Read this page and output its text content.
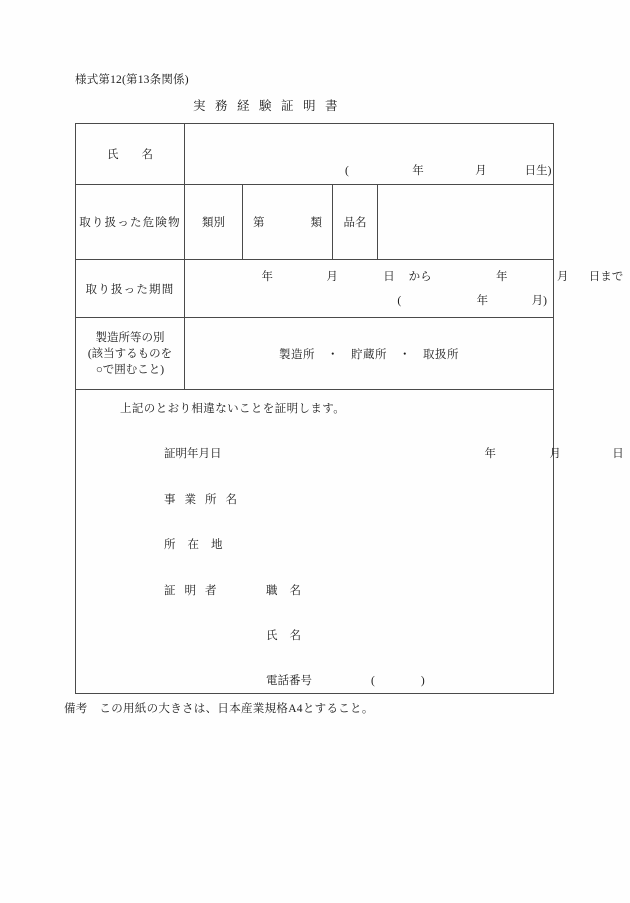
様式第12(第13条関係)
実務経験証明書
氏　　名	( 年 月 日生)			

取り扱った危険物	類別	第　　　　類	品名	
取り扱った期間	年 月 日 から 年 月 日まで
( 年 月)			

製造所等の別
(該当するものを
○で囲むこと)	製造所　・　貯蔵所　・　取扱所			

上記のとおり相違ないことを証明します。
証明年月日	年	月	日
事業所名
所在地
証明者	職名
氏名
電話番号	(　　　　)
備考　この用紙の大きさは、日本産業規格A4とすること。
